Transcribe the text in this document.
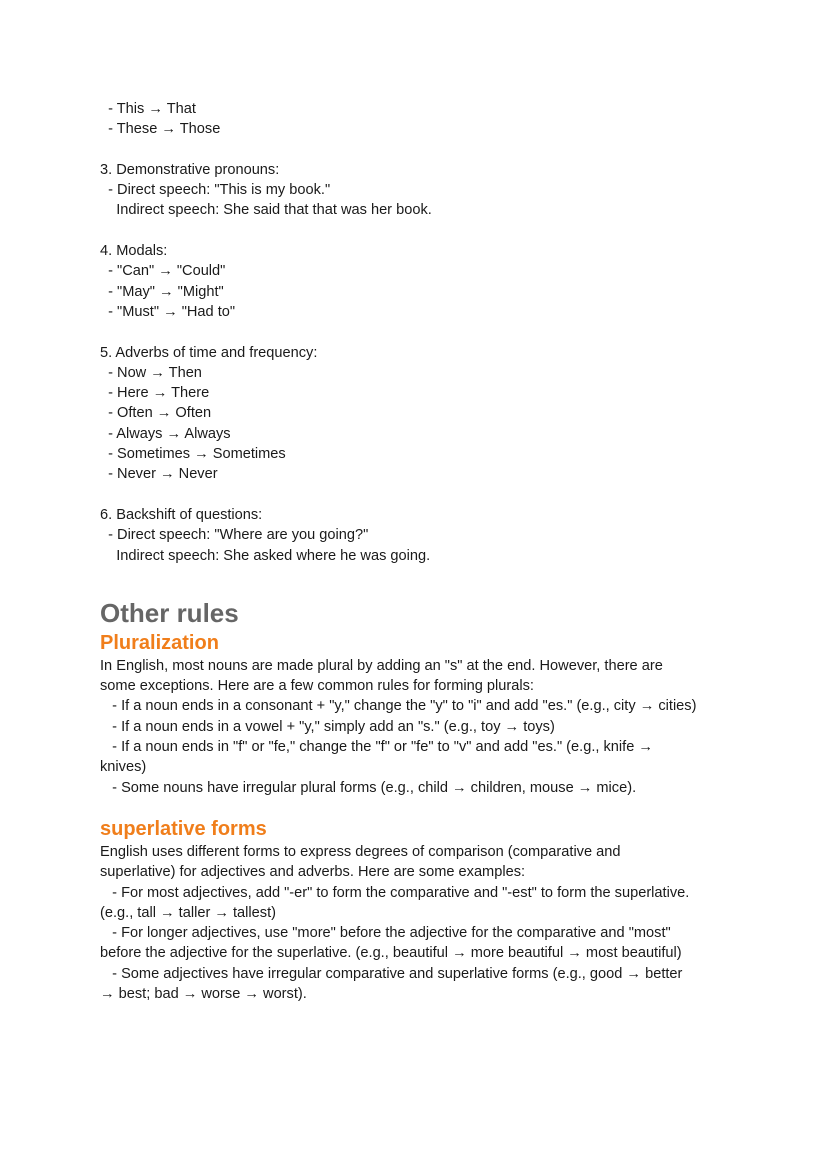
- This → That

- These → Those

3. Demonstrative pronouns:

- Direct speech: "This is my book."

Indirect speech: She said that that was her book.

4. Modals:

- "Can" → "Could"

- "May" → "Might"

- "Must" → "Had to"

5. Adverbs of time and frequency:

- Now → Then

- Here → There

- Often → Often

- Always → Always

- Sometimes → Sometimes

- Never → Never

6. Backshift of questions:

- Direct speech: "Where are you going?"

Indirect speech: She asked where he was going.

Other rules
Pluralization

In English, most nouns are made plural by adding an "s" at the end. However, there are

some exceptions. Here are a few common rules for forming plurals:

- If a noun ends in a consonant + "y," change the "y" to "i" and add "es." (e.g., city → cities)

- If a noun ends in a vowel + "y," simply add an "s." (e.g., toy → toys)

- If a noun ends in "f" or "fe," change the "f" or "fe" to "v" and add "es." (e.g., knife →

knives)

- Some nouns have irregular plural forms (e.g., child → children, mouse → mice).

superlative forms

English uses different forms to express degrees of comparison (comparative and

superlative) for adjectives and adverbs. Here are some examples:

- For most adjectives, add "-er" to form the comparative and "-est" to form the superlative.

(e.g., tall → taller → tallest)

- For longer adjectives, use "more" before the adjective for the comparative and "most"

before the adjective for the superlative. (e.g., beautiful → more beautiful → most beautiful)

- Some adjectives have irregular comparative and superlative forms (e.g., good → better

→ best; bad → worse → worst).
